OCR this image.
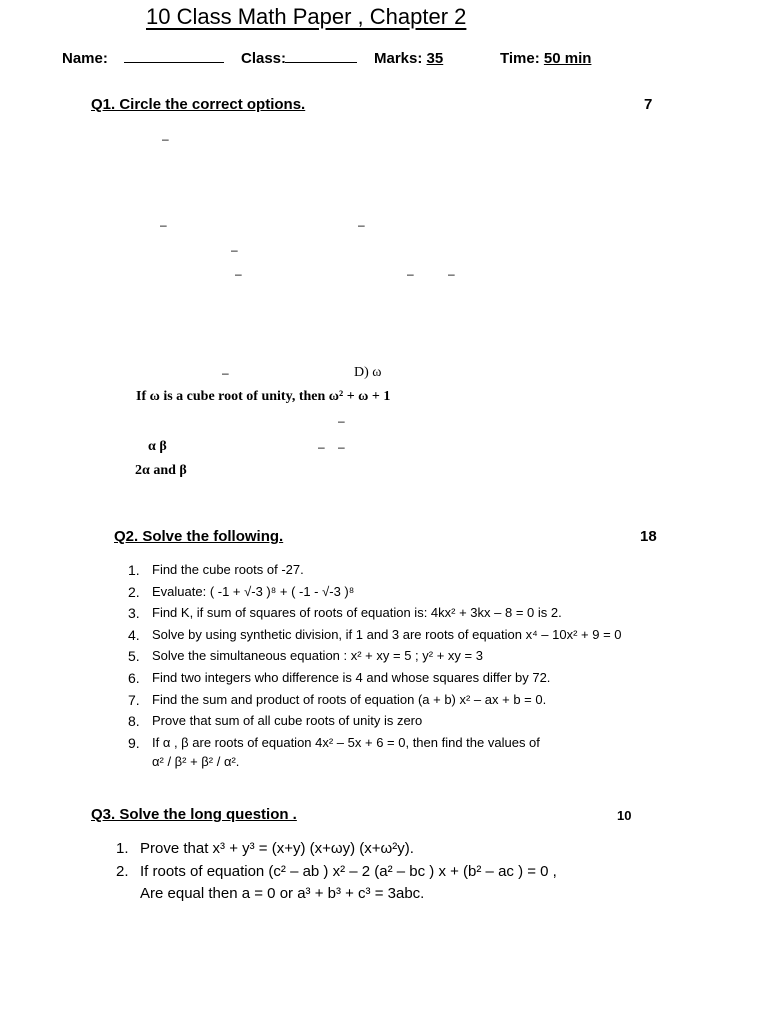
10 Class Math Paper , Chapter 2
Name:	Class:	Marks: 35	Time: 50 min
Q1. Circle the correct options.	7
–
–	–
–
–	–	–
–	D) ω
If ω is a cube root of unity, then ω² + ω + 1
–
α β	– –
2α and β
Q2. Solve the following.	18
1. Find the cube roots of -27.
2. Evaluate: ( -1 + √-3 )⁸ + ( -1 - √-3 )⁸
3. Find K, if sum of squares of roots of equation is: 4kx² + 3kx – 8 = 0 is 2.
4. Solve by using synthetic division, if 1 and 3 are roots of equation x⁴ – 10x² + 9 = 0
5. Solve the simultaneous equation : x² + xy = 5 ; y² + xy = 3
6. Find two integers who difference is 4 and whose squares differ by 72.
7. Find the sum and product of roots of equation (a + b) x² – ax + b = 0.
8. Prove that sum of all cube roots of unity is zero
9. If α , β are roots of equation 4x² – 5x + 6 = 0, then find the values of
α² / β² + β² / α².
Q3. Solve the long question .	10
1. Prove that x³ + y³ = (x+y) (x+ωy) (x+ω²y).
2. If roots of equation (c² – ab ) x² – 2 (a² – bc ) x + (b² – ac ) = 0 ,
Are equal then a = 0 or a³ + b³ + c³ = 3abc.
